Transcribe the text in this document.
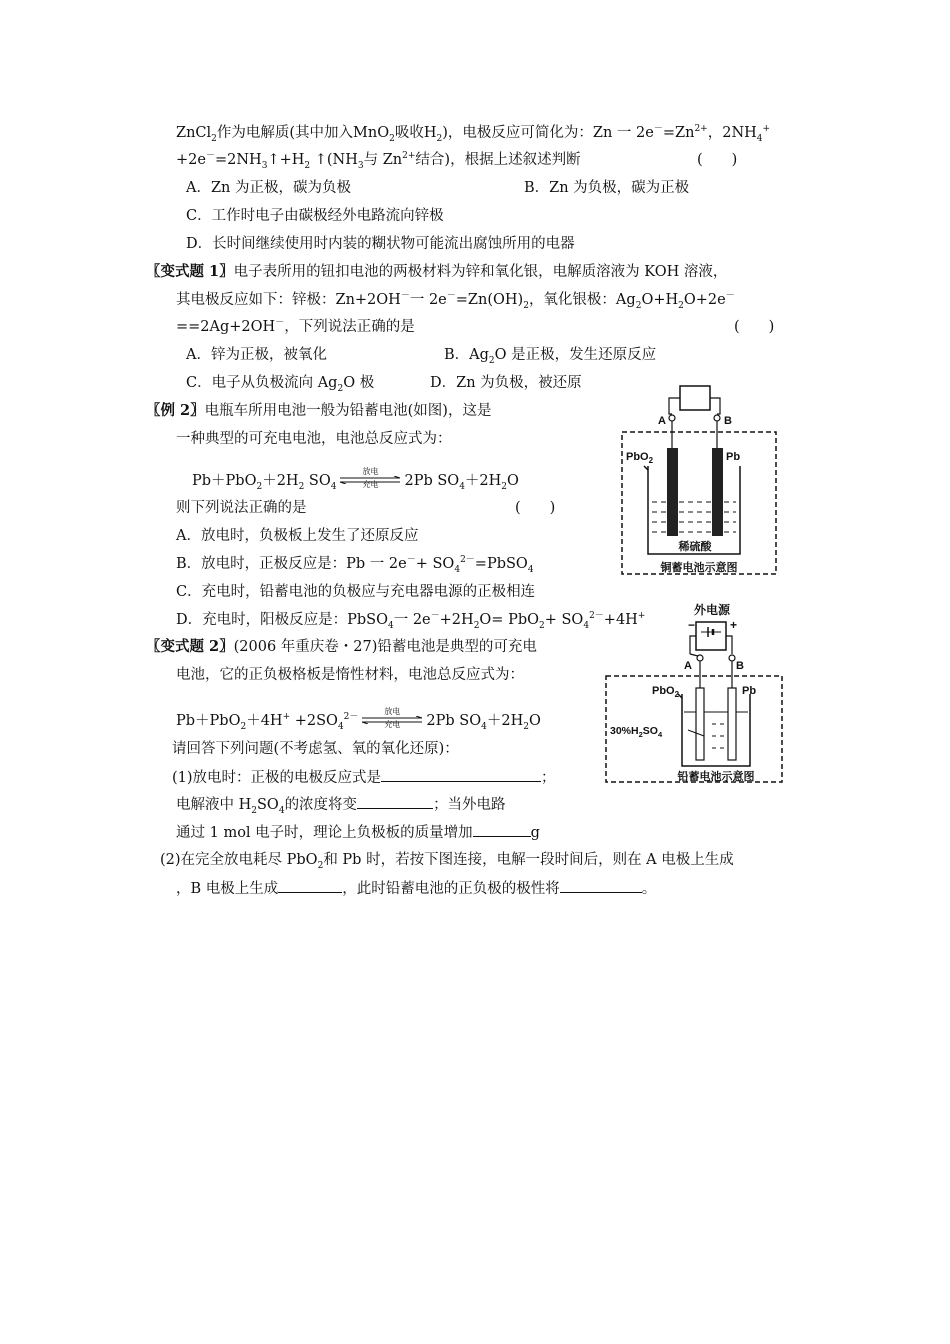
ZnCl$_2$作为电解质(其中加入MnO$_2$吸收$H_2$)，电极反应可简化为：Zn 一 $2e^-=Zn^{2+}$，$2NH_4^+$
$+2e^-=2NH_3↑+H_2$ $↑(NH_3$与 $Zn^{2+}$结合)，根据上述叙述判断	(　　)
A．Zn 为正极，碳为负极	B．Zn 为负极，碳为正极
C．工作时电子由碳极经外电路流向锌极
D．长时间继续使用时内装的糊状物可能流出腐蚀所用的电器
〖变式题 1〗电子表所用的钮扣电池的两极材料为锌和氧化银，电解质溶液为 KOH 溶液，
其电极反应如下：锌极：Zn+2OH－一 $2e^-=Zn(OH)_2$，氧化银极：$Ag_2O+H_2O+2e^-$
==2Ag+2OH－，下列说法正确的是	(　　)
A．锌为正极，被氧化	B．$Ag_2O$ 是正极，发生还原反应
C．电子从负极流向 $Ag_2O$ 极	D．Zn 为负极，被还原
〖例 2〗电瓶车所用电池一般为铅蓄电池(如图)，这是
一种典型的可充电电池，电池总反应式为：
$Pb+PbO_2+2H_2$ $SO_4$
放电
充电	2Pb $SO_4+2H_2O$
则下列说法正确的是	(　　)
A．放电时，负极板上发生了还原反应
B．放电时，正极反应是：Pb 一 $2e^-+ SO_4^{2-}=PbSO_4$
C．充电时，铅蓄电池的负极应与充电器电源的正极相连
D．充电时，阳极反应是：PbSO$_4$一 $2e^-+2H_2O= PbO_2+ SO_4^{2-}+4H^+$
A	B
PbO$_2$	Pb
稀硫酸
铜蓄电池示意图
〖变式题 2〗(2006 年重庆卷・27)铅蓄电池是典型的可充电
电池，它的正负极格板是惰性材料，电池总反应式为：
$Pb+PbO_2+4H^+ +2SO_4^{2-}$
放电
充电	2Pb $SO_4+2H_2O$
请回答下列问题(不考虑氢、氧的氧化还原)：
(1)放电时：正极的电极反应式是	；
电解液中 $H_2SO_4$的浓度将变	；当外电路
通过 1 mol 电子时，理论上负极板的质量增加	g
(2)在完全放电耗尽 PbO$_2$和 Pb 时，若按下图连接，电解一段时间后，则在 A 电极上生成
，B 电极上生成	，此时铅蓄电池的正负极的极性将	。
外电源
−	+
A	B
PbO$_2$	Pb
$30\%H_2SO_4$
铅蓄电池示意图
